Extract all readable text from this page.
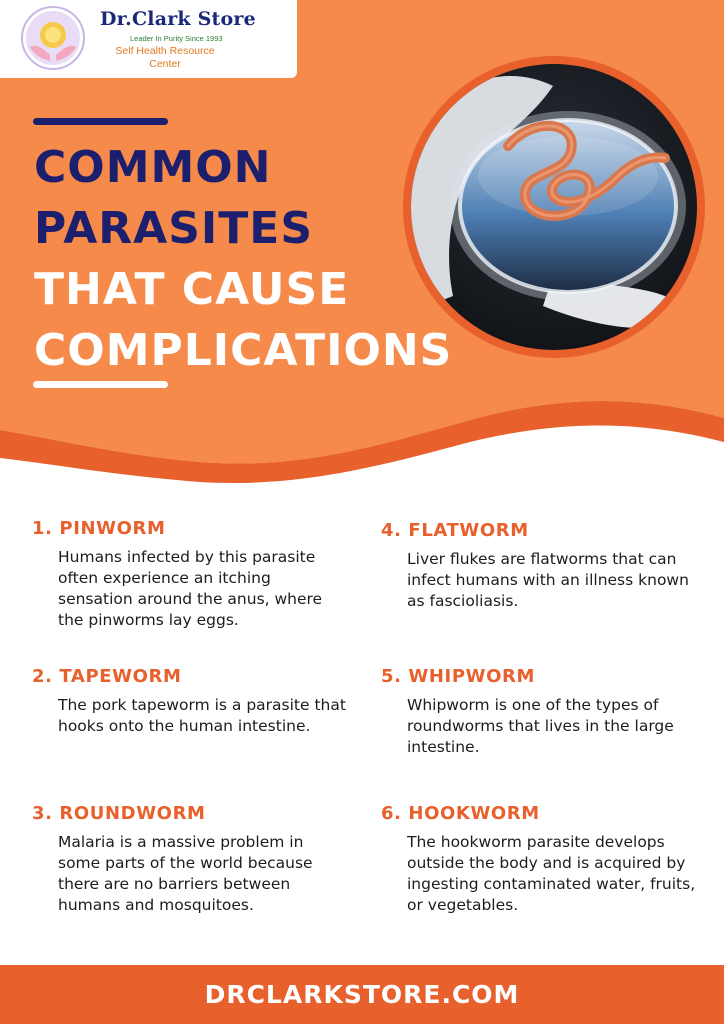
Dr.Clark Store
Leader In Purity Since 1993
Self Health Resource
Center
COMMON
PARASITES
THAT CAUSE
COMPLICATIONS
1. PINWORM

Humans infected by this parasite often experience an itching sensation around the anus, where the pinworms lay eggs.

2. TAPEWORM

The pork tapeworm is a parasite that hooks onto the human intestine.

3. ROUNDWORM

Malaria is a massive problem in some parts of the world because there are no barriers between humans and mosquitoes.

4. FLATWORM

Liver flukes are flatworms that can infect humans with an illness known as fascioliasis.

5. WHIPWORM

Whipworm is one of the types of roundworms that lives in the large intestine.

6. HOOKWORM

The hookworm parasite develops outside the body and is acquired by ingesting contaminated water, fruits, or vegetables.

DRCLARKSTORE.COM
